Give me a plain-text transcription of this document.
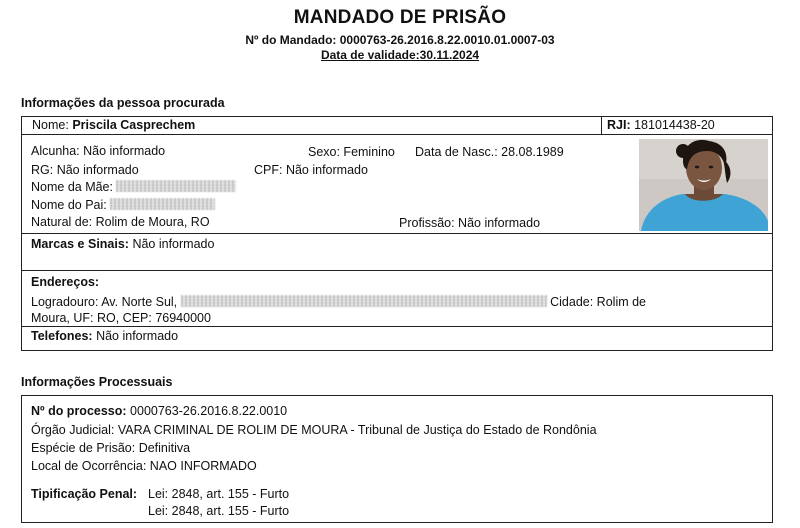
MANDADO DE PRISÃO
Nº do Mandado: 0000763-26.2016.8.22.0010.01.0007-03
Data de validade:30.11.2024
Informações da pessoa procurada
Nome: Priscila Casprechem	RJI: 181014438-20
Alcunha: Não informado	Sexo: Feminino Data de Nasc.: 28.08.1989
RG: Não informado	CPF: Não informado
Nome da Mãe:
Nome do Pai:
Natural de: Rolim de Moura, RO	Profissão: Não informado
Marcas e Sinais: Não informado
Endereços:
Logradouro: Av. Norte Sul,	Cidade: Rolim de
Moura, UF: RO, CEP: 76940000
Telefones: Não informado
Informações Processuais
Nº do processo: 0000763-26.2016.8.22.0010
Órgão Judicial: VARA CRIMINAL DE ROLIM DE MOURA - Tribunal de Justiça do Estado de Rondônia
Espécie de Prisão: Definitiva
Local de Ocorrência: NAO INFORMADO
Tipificação Penal: Lei: 2848, art. 155 - Furto
Lei: 2848, art. 155 - Furto
